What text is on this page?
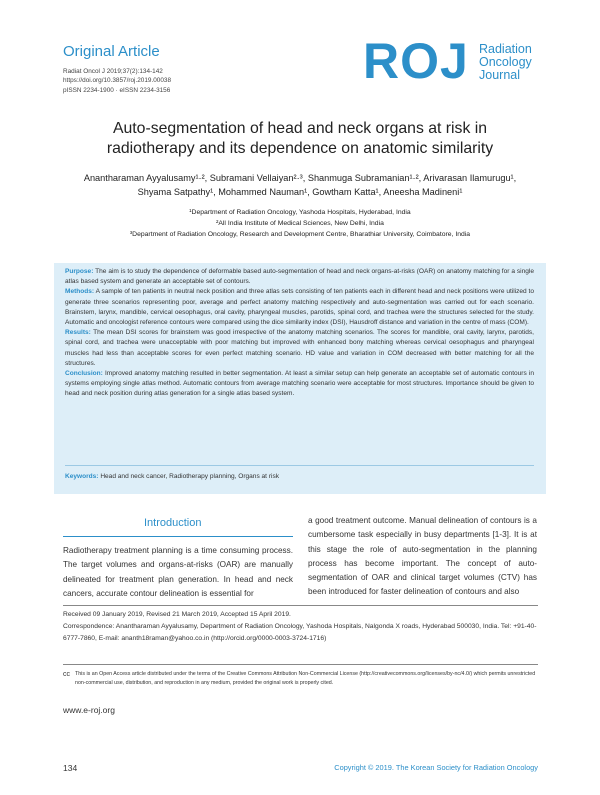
Original Article
Radiat Oncol J 2019;37(2):134-142
https://doi.org/10.3857/roj.2019.00038
pISSN 2234-1900 · eISSN 2234-3156
ROJ Radiation
Oncology
Journal
Auto-segmentation of head and neck organs at risk in
radiotherapy and its dependence on anatomic similarity
Anantharaman Ayyalusamy¹·², Subramani Vellaiyan²·³, Shanmuga Subramanian¹·², Arivarasan Ilamurugu¹,
Shyama Satpathy¹, Mohammed Nauman¹, Gowtham Katta¹, Aneesha Madineni¹
¹Department of Radiation Oncology, Yashoda Hospitals, Hyderabad, India
²All India Institute of Medical Sciences, New Delhi, India
³Department of Radiation Oncology, Research and Development Centre, Bharathiar University, Coimbatore, India

Purpose: The aim is to study the dependence of deformable based auto-segmentation of head and neck organs-at-risks (OAR) on anatomy matching for a single atlas based system and generate an acceptable set of contours.

Methods: A sample of ten patients in neutral neck position and three atlas sets consisting of ten patients each in different head and neck positions were utilized to generate three scenarios representing poor, average and perfect anatomy matching respectively and auto-segmentation was carried out for each scenario. Brainstem, larynx, mandible, cervical oesophagus, oral cavity, pharyngeal muscles, parotids, spinal cord, and trachea were the structures selected for the study. Automatic and oncologist reference contours were compared using the dice similarity index (DSI), Hausdroff distance and variation in the centre of mass (COM).

Results: The mean DSI scores for brainstem was good irrespective of the anatomy matching scenarios. The scores for mandible, oral cavity, larynx, parotids, spinal cord, and trachea were unacceptable with poor matching but improved with enhanced bony matching whereas cervical oesophagus and pharyngeal muscles had less than acceptable scores for even perfect matching scenario. HD value and variation in COM decreased with better matching for all the structures.

Conclusion: Improved anatomy matching resulted in better segmentation. At least a similar setup can help generate an acceptable set of automatic contours in systems employing single atlas method. Automatic contours from average matching scenario were acceptable for most structures. Importance should be given to head and neck position during atlas generation for a single atlas based system.

Keywords: Head and neck cancer, Radiotherapy planning, Organs at risk
Introduction

Radiotherapy treatment planning is a time consuming process. The target volumes and organs-at-risks (OAR) are manually delineated for treatment plan generation. In head and neck cancers, accurate contour delineation is essential for

a good treatment outcome. Manual delineation of contours is a cumbersome task especially in busy departments [1-3]. It is at this stage the role of auto-segmentation in the planning process has become important. The concept of auto-segmentation of OAR and clinical target volumes (CTV) has been introduced for faster delineation of contours and also

Received 09 January 2019, Revised 21 March 2019, Accepted 15 April 2019.
Correspondence: Anantharaman Ayyalusamy, Department of Radiation Oncology, Yashoda Hospitals, Nalgonda X roads, Hyderabad 500030, India. Tel: +91-40-6777-7860, E-mail: ananth18raman@yahoo.co.in (http://orcid.org/0000-0003-3724-1716)
cc This is an Open Access article distributed under the terms of the Creative Commons Attribution Non-Commercial License (http://creativecommons.org/licenses/by-nc/4.0/) which permits unrestricted non-commercial use, distribution, and reproduction in any medium, provided the original work is properly cited.
www.e-roj.org
134	Copyright © 2019. The Korean Society for Radiation Oncology
